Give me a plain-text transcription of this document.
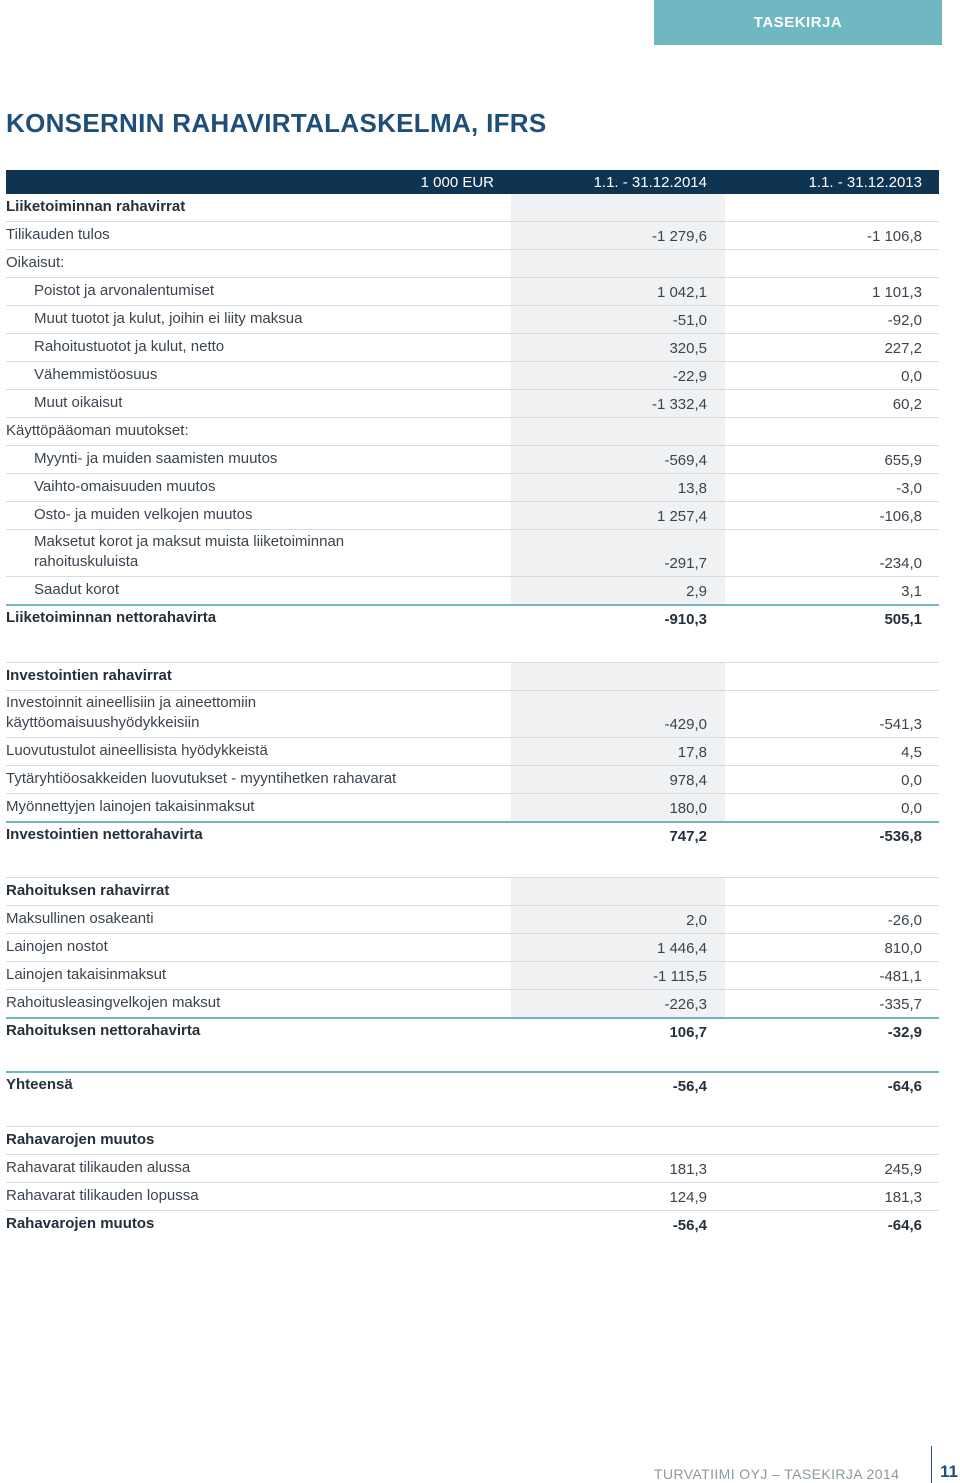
TASEKIRJA
KONSERNIN RAHAVIRTALASKELMA, IFRS
1 000 EUR	1.1. - 31.12.2014	1.1. - 31.12.2013
Liiketoiminnan rahavirrat
Tilikauden tulos	-1 279,6	-1 106,8
Oikaisut:
Poistot ja arvonalentumiset	1 042,1	1 101,3
Muut tuotot ja kulut, joihin ei liity maksua	-51,0	-92,0
Rahoitustuotot ja kulut, netto	320,5	227,2
Vähemmistöosuus	-22,9	0,0
Muut oikaisut	-1 332,4	60,2
Käyttöpääoman muutokset:
Myynti- ja muiden saamisten muutos	-569,4	655,9
Vaihto-omaisuuden muutos	13,8	-3,0
Osto- ja muiden velkojen muutos	1 257,4	-106,8
Maksetut korot ja maksut muista liiketoiminnan
rahoituskuluista	-291,7	-234,0
Saadut korot	2,9	3,1
Liiketoiminnan nettorahavirta	-910,3	505,1
Investointien rahavirrat
Investoinnit aineellisiin ja aineettomiin
käyttöomaisuushyödykkeisiin	-429,0	-541,3
Luovutustulot aineellisista hyödykkeistä	17,8	4,5
Tytäryhtiöosakkeiden luovutukset - myyntihetken rahavarat	978,4	0,0
Myönnettyjen lainojen takaisinmaksut	180,0	0,0
Investointien nettorahavirta	747,2	-536,8
Rahoituksen rahavirrat
Maksullinen osakeanti	2,0	-26,0
Lainojen nostot	1 446,4	810,0
Lainojen takaisinmaksut	-1 115,5	-481,1
Rahoitusleasingvelkojen maksut	-226,3	-335,7
Rahoituksen nettorahavirta	106,7	-32,9
Yhteensä	-56,4	-64,6
Rahavarojen muutos
Rahavarat tilikauden alussa	181,3	245,9
Rahavarat tilikauden lopussa	124,9	181,3
Rahavarojen muutos	-56,4	-64,6
TURVATIIMI OYJ – TASEKIRJA 2014 11
